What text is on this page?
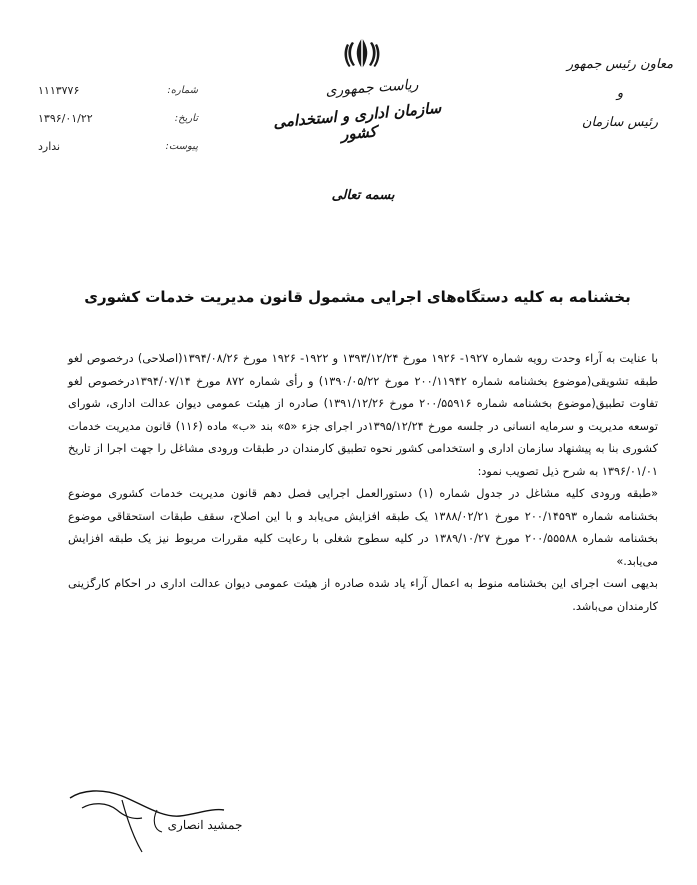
معاون رئیس جمهور
و
رئیس سازمان
ریاست جمهوری
سازمان اداری و استخدامی کشور
بسمه تعالی
شماره:
۱۱۱۳۷۷۶
تاریخ:
۱۳۹۶/۰۱/۲۲
پیوست:
ندارد
بخشنامه به کلیه دستگاه‌های اجرایی مشمول قانون مدیریت خدمات کشوری

با عنایت به آراء وحدت رویه شماره ۱۹۲۷- ۱۹۲۶ مورخ ۱۳۹۳/۱۲/۲۴ و ۱۹۲۲- ۱۹۲۶ مورخ ۱۳۹۴/۰۸/۲۶(اصلاحی) درخصوص لغو طبقه تشویقی(موضوع بخشنامه شماره ۲۰۰/۱۱۹۴۲ مورخ ۱۳۹۰/۰۵/۲۲) و رأی شماره ۸۷۲ مورخ ۱۳۹۴/۰۷/۱۴درخصوص لغو تفاوت تطبیق(موضوع بخشنامه شماره ۲۰۰/۵۵۹۱۶ مورخ ۱۳۹۱/۱۲/۲۶) صادره از هیئت عمومی دیوان عدالت اداری، شورای توسعه مدیریت و سرمایه انسانی در جلسه مورخ ۱۳۹۵/۱۲/۲۴در اجرای جزء «۵» بند «ب» ماده (۱۱۶) قانون مدیریت خدمات کشوری بنا به پیشنهاد سازمان اداری و استخدامی کشور نحوه تطبیق کارمندان در طبقات ورودی مشاغل را جهت اجرا از تاریخ ۱۳۹۶/۰۱/۰۱ به شرح ذیل تصویب نمود:

«طبقه ورودی کلیه مشاغل در جدول شماره (۱) دستورالعمل اجرایی فصل دهم قانون مدیریت خدمات کشوری موضوع بخشنامه شماره ۲۰۰/۱۴۵۹۳ مورخ ۱۳۸۸/۰۲/۲۱ یک طبقه افزایش می‌یابد و با این اصلاح، سقف طبقات استحقاقی موضوع بخشنامه شماره ۲۰۰/۵۵۵۸۸ مورخ ۱۳۸۹/۱۰/۲۷ در کلیه سطوح شغلی با رعایت کلیه مقررات مربوط نیز یک طبقه افزایش می‌یابد.»

بدیهی است اجرای این بخشنامه منوط به اعمال آراء یاد شده صادره از هیئت عمومی دیوان عدالت اداری در احکام کارگزینی کارمندان می‌باشد.

جمشید انصاری
